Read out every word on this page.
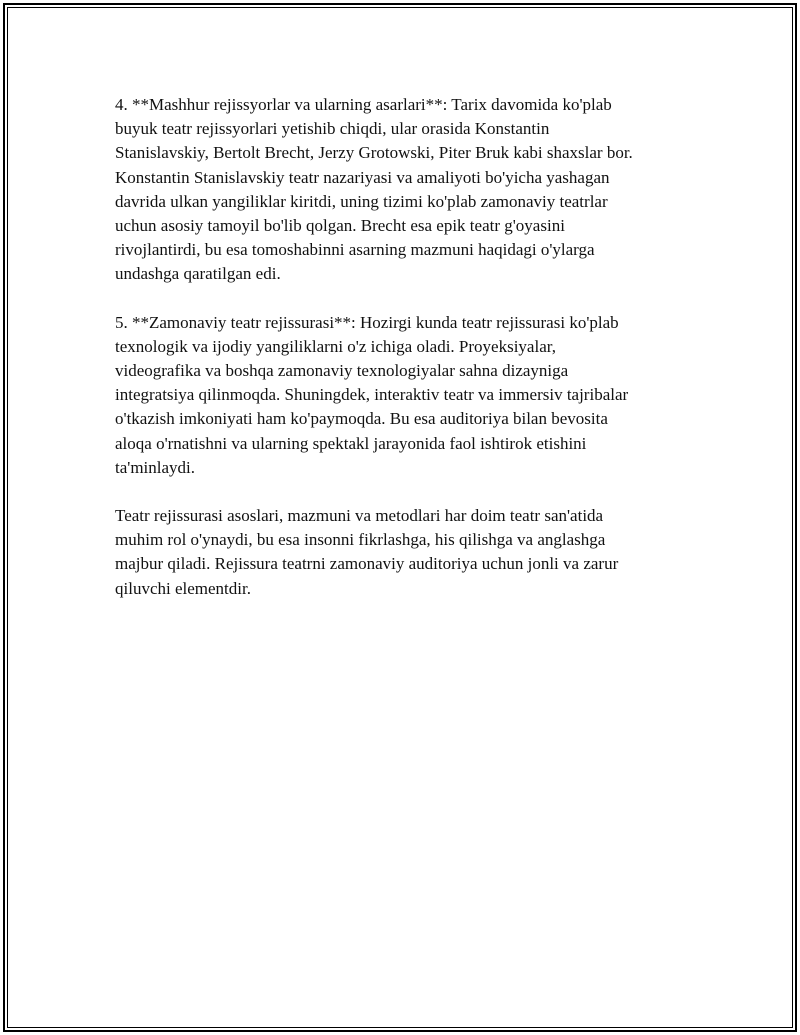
4. **Mashhur rejissyorlar va ularning asarlari**: Tarix davomida ko'plab
buyuk teatr rejissyorlari yetishib chiqdi, ular orasida Konstantin
Stanislavskiy, Bertolt Brecht, Jerzy Grotowski, Piter Bruk kabi shaxslar bor.
Konstantin Stanislavskiy teatr nazariyasi va amaliyoti bo'yicha yashagan
davrida ulkan yangiliklar kiritdi, uning tizimi ko'plab zamonaviy teatrlar
uchun asosiy tamoyil bo'lib qolgan. Brecht esa epik teatr g'oyasini
rivojlantirdi, bu esa tomoshabinni asarning mazmuni haqidagi o'ylarga
undashga qaratilgan edi.

5. **Zamonaviy teatr rejissurasi**: Hozirgi kunda teatr rejissurasi ko'plab
texnologik va ijodiy yangiliklarni o'z ichiga oladi. Proyeksiyalar,
videografika va boshqa zamonaviy texnologiyalar sahna dizayniga
integratsiya qilinmoqda. Shuningdek, interaktiv teatr va immersiv tajribalar
o'tkazish imkoniyati ham ko'paymoqda. Bu esa auditoriya bilan bevosita
aloqa o'rnatishni va ularning spektakl jarayonida faol ishtirok etishini
ta'minlaydi.

Teatr rejissurasi asoslari, mazmuni va metodlari har doim teatr san'atida
muhim rol o'ynaydi, bu esa insonni fikrlashga, his qilishga va anglashga
majbur qiladi. Rejissura teatrni zamonaviy auditoriya uchun jonli va zarur
qiluvchi elementdir.
